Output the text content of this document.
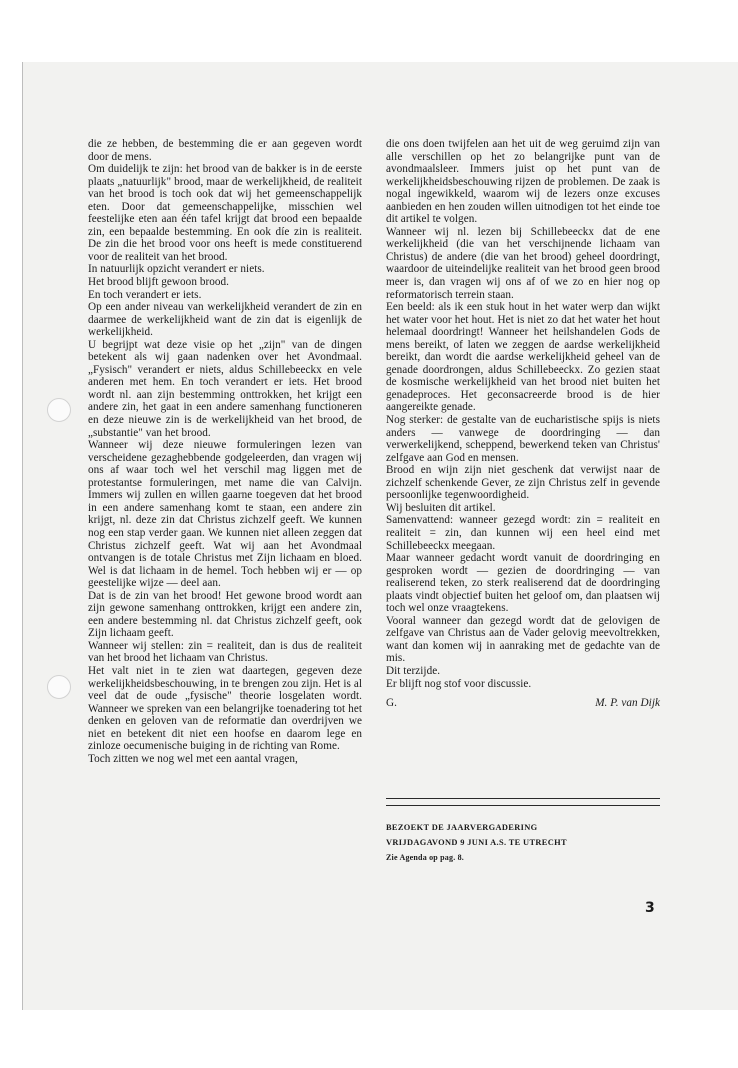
die ze hebben, de bestemming die er aan gegeven wordt door de mens.

Om duidelijk te zijn: het brood van de bakker is in de eerste plaats „natuurlijk" brood, maar de werkelijkheid, de realiteit van het brood is toch ook dat wij het gemeenschappelijk eten. Door dat gemeenschappelijke, misschien wel feestelijke eten aan één tafel krijgt dat brood een bepaalde zin, een bepaalde bestemming. En ook díe zin is realiteit. De zin die het brood voor ons heeft is mede constituerend voor de realiteit van het brood.

In natuurlijk opzicht verandert er niets.

Het brood blijft gewoon brood.

En toch verandert er iets.

Op een ander niveau van werkelijkheid verandert de zin en daarmee de werkelijkheid want de zin dat is eigenlijk de werkelijkheid.

U begrijpt wat deze visie op het „zijn" van de dingen betekent als wij gaan nadenken over het Avondmaal. „Fysisch" verandert er niets, aldus Schillebeeckx en vele anderen met hem. En toch verandert er iets. Het brood wordt nl. aan zijn bestemming onttrokken, het krijgt een andere zin, het gaat in een andere samenhang functioneren en deze nieuwe zin is de werkelijkheid van het brood, de „substantie" van het brood.

Wanneer wij deze nieuwe formuleringen lezen van verscheidene gezaghebbende godgeleerden, dan vragen wij ons af waar toch wel het verschil mag liggen met de protestantse formuleringen, met name die van Calvijn. Immers wij zullen en willen gaarne toegeven dat het brood in een andere samenhang komt te staan, een andere zin krijgt, nl. deze zin dat Christus zichzelf geeft. We kunnen nog een stap verder gaan. We kunnen niet alleen zeggen dat Christus zichzelf geeft. Wat wij aan het Avondmaal ontvangen is de totale Christus met Zijn lichaam en bloed. Wel is dat lichaam in de hemel. Toch hebben wij er — op geestelijke wijze — deel aan.

Dat is de zin van het brood! Het gewone brood wordt aan zijn gewone samenhang onttrokken, krijgt een andere zin, een andere bestemming nl. dat Christus zichzelf geeft, ook Zijn lichaam geeft.

Wanneer wij stellen: zin = realiteit, dan is dus de realiteit van het brood het lichaam van Christus.

Het valt niet in te zien wat daartegen, gegeven deze werkelijkheidsbeschouwing, in te brengen zou zijn. Het is al veel dat de oude „fysische" theorie losgelaten wordt. Wanneer we spreken van een belangrijke toenadering tot het denken en geloven van de reformatie dan overdrijven we niet en betekent dit niet een hoofse en daarom lege en zinloze oecumenische buiging in de richting van Rome.

Toch zitten we nog wel met een aantal vragen,

die ons doen twijfelen aan het uit de weg geruimd zijn van alle verschillen op het zo belangrijke punt van de avondmaalsleer. Immers juist op het punt van de werkelijkheidsbeschouwing rijzen de problemen. De zaak is nogal ingewikkeld, waarom wij de lezers onze excuses aanbieden en hen zouden willen uitnodigen tot het einde toe dit artikel te volgen.

Wanneer wij nl. lezen bij Schillebeeckx dat de ene werkelijkheid (die van het verschijnende lichaam van Christus) de andere (die van het brood) geheel doordringt, waardoor de uiteindelijke realiteit van het brood geen brood meer is, dan vragen wij ons af of we zo en hier nog op reformatorisch terrein staan.

Een beeld: als ik een stuk hout in het water werp dan wijkt het water voor het hout. Het is niet zo dat het water het hout helemaal doordringt! Wanneer het heilshandelen Gods de mens bereikt, of laten we zeggen de aardse werkelijkheid bereikt, dan wordt die aardse werkelijkheid geheel van de genade doordrongen, aldus Schillebeeckx. Zo gezien staat de kosmische werkelijkheid van het brood niet buiten het genadeproces. Het geconsacreerde brood is de hier aangereikte genade.

Nog sterker: de gestalte van de eucharistische spijs is niets anders — vanwege de doordringing — dan verwerkelijkend, scheppend, bewerkend teken van Christus' zelfgave aan God en mensen.

Brood en wijn zijn niet geschenk dat verwijst naar de zichzelf schenkende Gever, ze zijn Christus zelf in gevende persoonlijke tegenwoordigheid.

Wij besluiten dit artikel.

Samenvattend: wanneer gezegd wordt: zin = realiteit en realiteit = zin, dan kunnen wij een heel eind met Schillebeeckx meegaan.

Maar wanneer gedacht wordt vanuit de doordringing en gesproken wordt — gezien de doordringing — van realiserend teken, zo sterk realiserend dat de doordringing plaats vindt objectief buiten het geloof om, dan plaatsen wij toch wel onze vraagtekens.

Vooral wanneer dan gezegd wordt dat de gelovigen de zelfgave van Christus aan de Vader gelovig meevoltrekken, want dan komen wij in aanraking met de gedachte van de mis.

Dit terzijde.

Er blijft nog stof voor discussie.

G.	M. P. van Dijk
BEZOEKT DE JAARVERGADERING
VRIJDAGAVOND 9 JUNI A.S. TE UTRECHT
Zie Agenda op pag. 8.
3
